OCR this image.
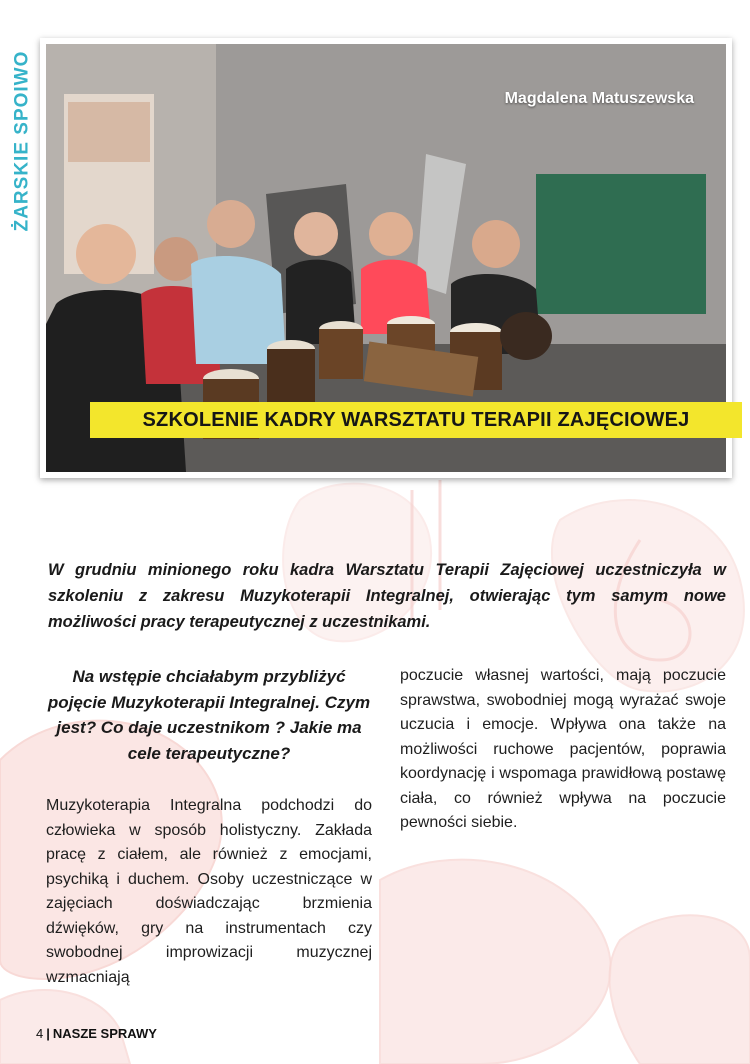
ŻARSKIE SPOIWO	Magdalena Matuszewska
SZKOLENIE KADRY WARSZTATU TERAPII ZAJĘCIOWEJ

W grudniu minionego roku kadra Warsztatu Terapii Zajęciowej uczestniczyła w szkoleniu z zakresu Muzykoterapii Integralnej, otwierając tym samym nowe możliwości pracy terapeutycznej z uczestnikami.

Na wstępie chciałabym przybliżyć pojęcie Muzykoterapii Integralnej. Czym jest? Co daje uczestnikom ? Jakie ma cele terapeutyczne?

Muzykoterapia Integralna podchodzi do człowieka w sposób holistyczny. Zakłada pracę z ciałem, ale również z emocjami, psychiką i duchem. Osoby uczestniczące w zajęciach doświadczając brzmienia dźwięków, gry na instrumentach czy swobodnej improwizacji muzycznej wzmacniają

poczucie własnej wartości, mają poczucie sprawstwa, swobodniej mogą wyrażać swoje uczucia i emocje. Wpływa ona także na możliwości ruchowe pacjentów, poprawia koordynację i wspomaga prawidłową postawę ciała, co również wpływa na poczucie pewności siebie.

4 | NASZE SPRAWY
